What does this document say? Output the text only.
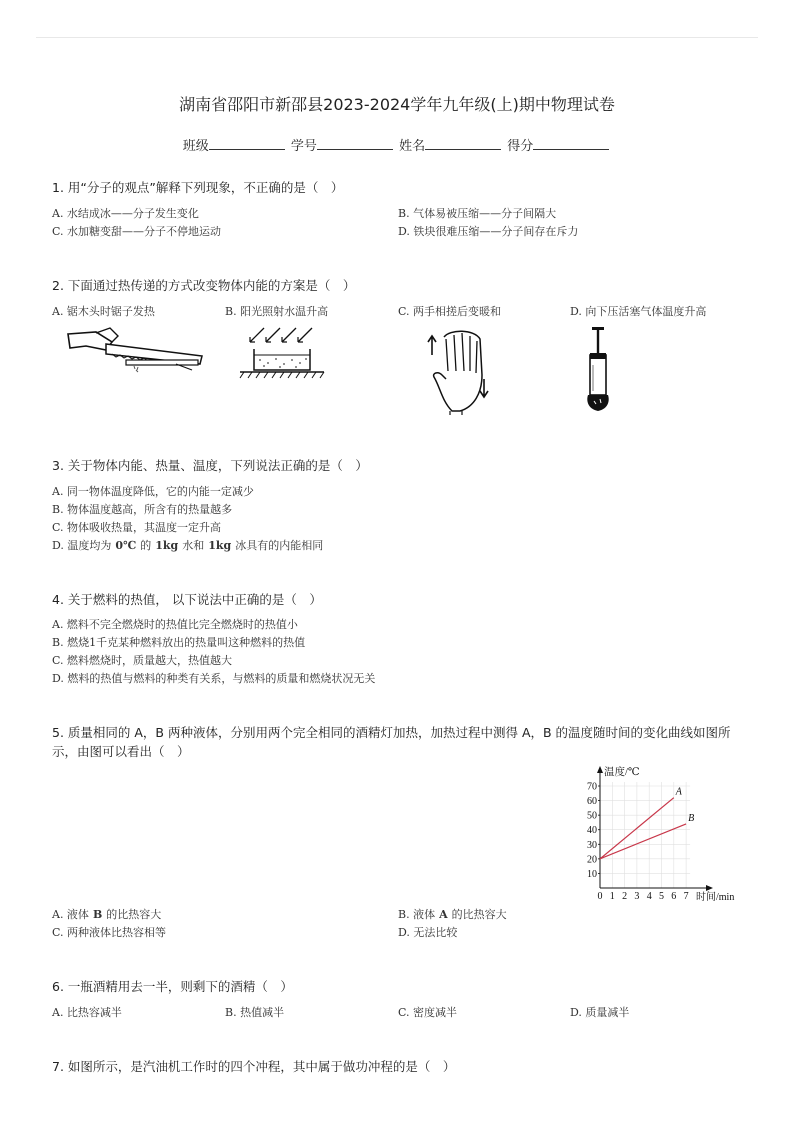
湖南省邵阳市新邵县2023-2024学年九年级(上)期中物理试卷
班级	学号	姓名	得分
1. 用“分子的观点”解释下列现象，不正确的是（　）
A. 水结成冰——分子发生变化	B. 气体易被压缩——分子间隔大
C. 水加糖变甜——分子不停地运动	D. 铁块很难压缩——分子间存在斥力
2. 下面通过热传递的方式改变物体内能的方案是（　）
A. 锯木头时锯子发热	B. 阳光照射水温升高	C. 两手相搓后变暖和	D. 向下压活塞气体温度升高
3. 关于物体内能、热量、温度，下列说法正确的是（　）
A. 同一物体温度降低，它的内能一定减少
B. 物体温度越高，所含有的热量越多
C. 物体吸收热量，其温度一定升高
D. 温度均为 0℃ 的 1kg 水和 1kg 冰具有的内能相同
4. 关于燃料的热值， 以下说法中正确的是（　）
A. 燃料不完全燃烧时的热值比完全燃烧时的热值小
B. 燃烧1千克某种燃料放出的热量叫这种燃料的热值
C. 燃料燃烧时，质量越大，热值越大
D. 燃料的热值与燃料的种类有关系，与燃料的质量和燃烧状况无关
5. 质量相同的 A，B 两种液体，分别用两个完全相同的酒精灯加热，加热过程中测得 A，B 的温度随时间的变化曲线如图所示，由图可以看出（　）
温度/℃
时间/min
10
20
30
40
50
60
70
0 1 2 3 4 5 6 7
A
B
A. 液体 B 的比热容大	B. 液体 A 的比热容大
C. 两种液体比热容相等	D. 无法比较
6. 一瓶酒精用去一半，则剩下的酒精（　）
A. 比热容减半	B. 热值减半	C. 密度减半	D. 质量减半
7. 如图所示，是汽油机工作时的四个冲程，其中属于做功冲程的是（　）
